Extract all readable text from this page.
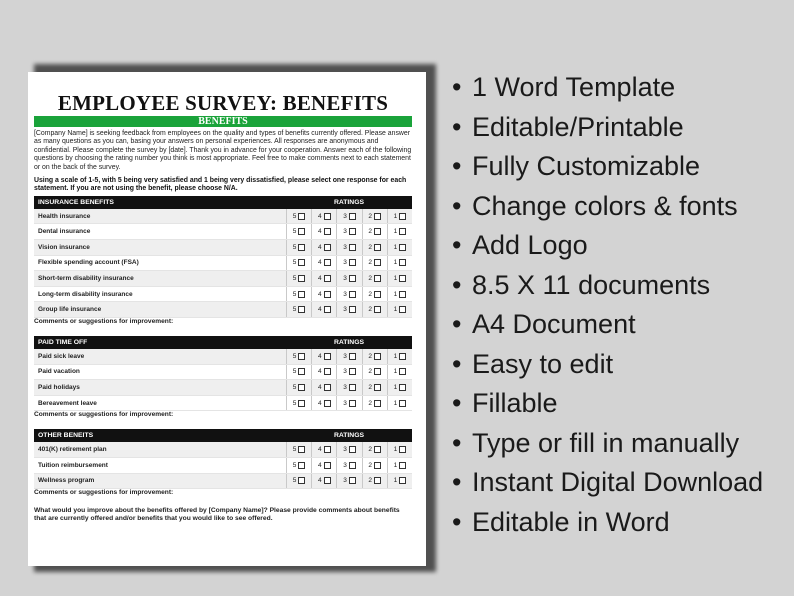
EMPLOYEE SURVEY: BENEFITS
BENEFITS

[Company Name] is seeking feedback from employees on the quality and types of benefits currently offered. Please answer as many questions as you can, basing your answers on personal experiences. All responses are anonymous and confidential. Please complete the survey by [date]. Thank you in advance for your cooperation. Answer each of the following questions by choosing the rating number you think is most appropriate. Feel free to make comments next to each statement or on the back of the survey.

Using a scale of 1-5, with 5 being very satisfied and 1 being very dissatisfied, please select one response for each statement. If you are not using the benefit, please choose N/A.

INSURANCE BENEFITS	RATINGS
Health insurance	5 4 3 2 1

Dental insurance	5 4 3 2 1

Vision insurance	5 4 3 2 1

Flexible spending account (FSA)	5 4 3 2 1

Short-term disability insurance	5 4 3 2 1

Long-term disability insurance	5 4 3 2 1

Group life insurance	5 4 3 2 1
Comments or suggestions for improvement:
PAID TIME OFF	RATINGS
Paid sick leave	5 4 3 2 1

Paid vacation	5 4 3 2 1

Paid holidays	5 4 3 2 1

Bereavement leave	5 4 3 2 1
Comments or suggestions for improvement:
OTHER BENEITS	RATINGS
401(K) retirement plan	5 4 3 2 1

Tuition reimbursement	5 4 3 2 1

Wellness program	5 4 3 2 1
Comments or suggestions for improvement:
What would you improve about the benefits offered by [Company Name]? Please provide comments about benefits that are currently offered and/or benefits that you would like to see offered.
• 1 Word Template
• Editable/Printable
• Fully Customizable
• Change colors & fonts
• Add Logo
• 8.5 X 11 documents
• A4 Document
• Easy to edit
• Fillable
• Type or fill in manually
• Instant Digital Download
• Editable in Word
